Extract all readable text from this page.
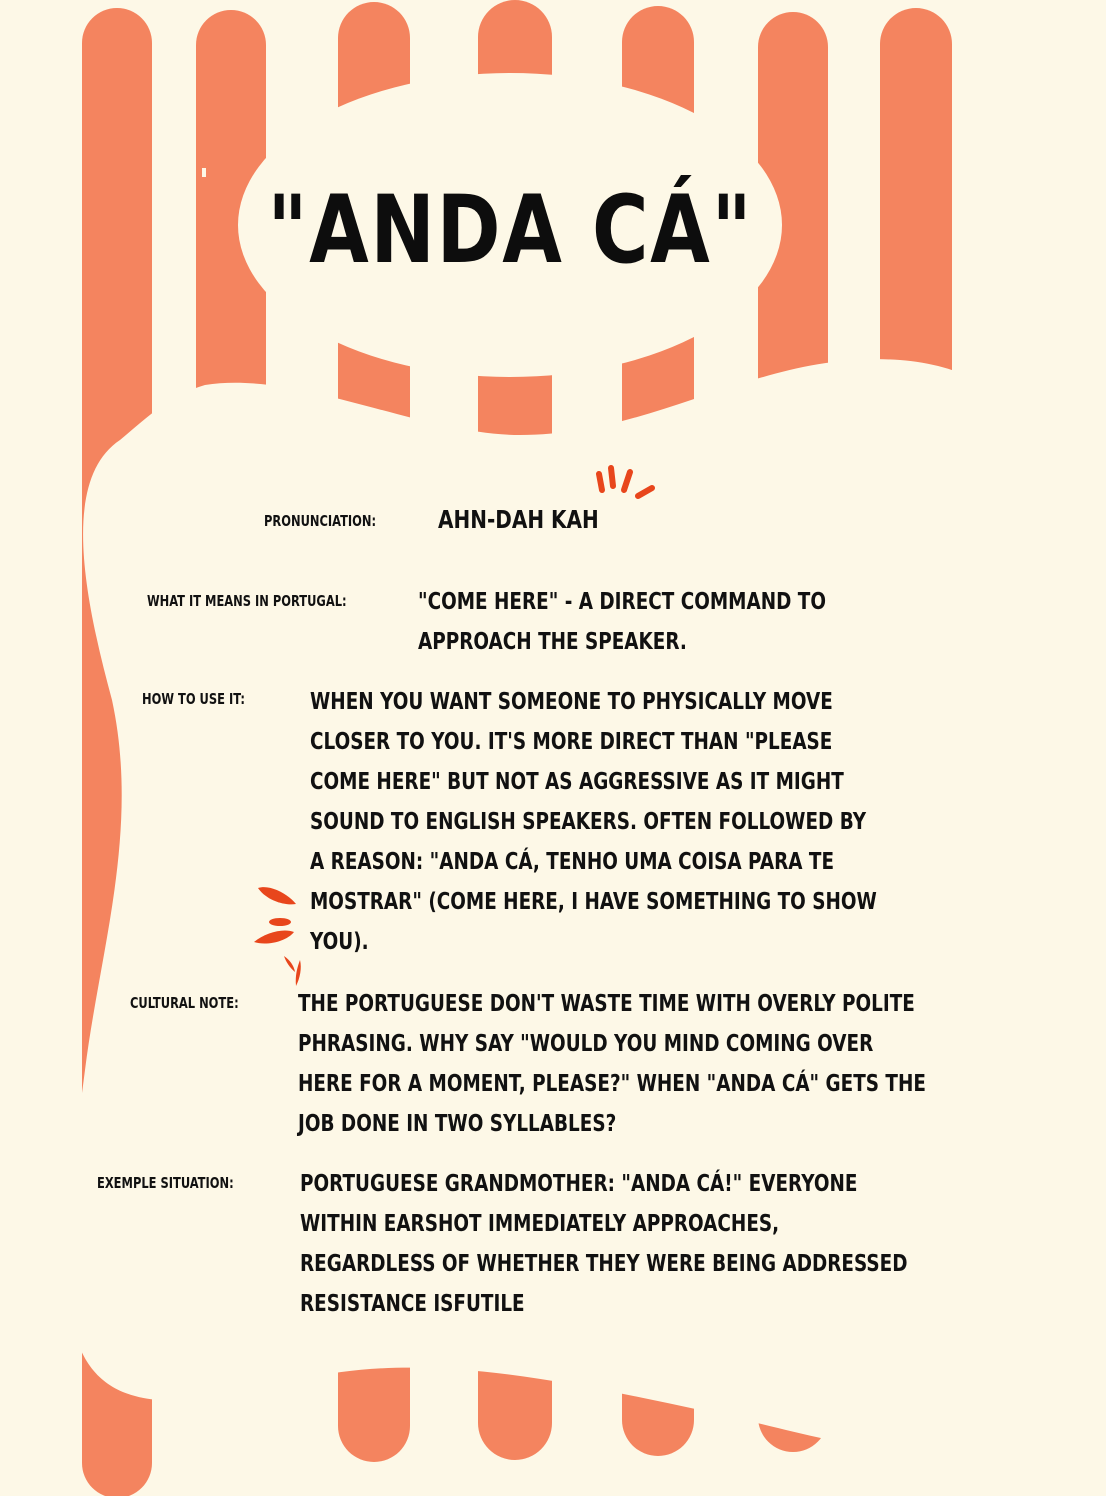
"ANDA CÁ"
PRONUNCIATION: AHN-DAH KAH
WHAT IT MEANS IN PORTUGAL:	"COME HERE" - A DIRECT COMMAND TO
APPROACH THE SPEAKER.
HOW TO USE IT:	WHEN YOU WANT SOMEONE TO PHYSICALLY MOVE CLOSER TO YOU. IT'S MORE DIRECT THAN "PLEASE COME HERE" BUT NOT AS AGGRESSIVE AS IT MIGHT SOUND TO ENGLISH SPEAKERS. OFTEN FOLLOWED BY A REASON: "ANDA CÁ, TENHO UMA COISA PARA TE MOSTRAR" (COME HERE, I HAVE SOMETHING TO SHOW YOU).
CULTURAL NOTE:	THE PORTUGUESE DON'T WASTE TIME WITH OVERLY POLITE PHRASING. WHY SAY "WOULD YOU MIND COMING OVER HERE FOR A MOMENT, PLEASE?" WHEN "ANDA CÁ" GETS THE JOB DONE IN TWO SYLLABLES?
EXEMPLE SITUATION:	PORTUGUESE GRANDMOTHER: "ANDA CÁ!" EVERYONE WITHIN EARSHOT IMMEDIATELY APPROACHES, REGARDLESS OF WHETHER THEY WERE BEING ADDRESSED RESISTANCE ISFUTILE
